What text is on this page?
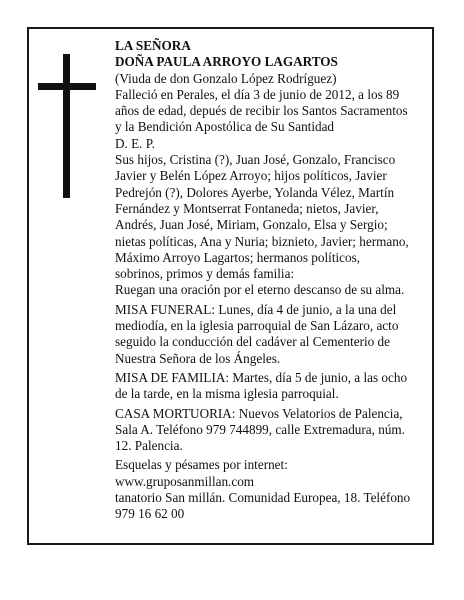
LA SEÑORA
DOÑA PAULA ARROYO LAGARTOS
(Viuda de don Gonzalo López Rodríguez)
Falleció en Perales, el día 3 de junio de 2012, a los 89
años de edad, depués de recibir los Santos Sacramentos
y la Bendición Apostólica de Su Santidad
D. E. P.
Sus hijos, Cristina (?), Juan José, Gonzalo, Francisco
Javier y Belén López Arroyo; hijos políticos, Javier
Pedrejón (?), Dolores Ayerbe, Yolanda Vélez, Martín
Fernández y Montserrat Fontaneda; nietos, Javier,
Andrés, Juan José, Miriam, Gonzalo, Elsa y Sergio;
nietas políticas, Ana y Nuria; biznieto, Javier; hermano,
Máximo Arroyo Lagartos; hermanos políticos,
sobrinos, primos y demás familia:
Ruegan una oración por el eterno descanso de su alma.
MISA FUNERAL: Lunes, día 4 de junio, a la una del
mediodía, en la iglesia parroquial de San Lázaro, acto
seguido la conducción del cadáver al Cementerio de
Nuestra Señora de los Ángeles.
MISA DE FAMILIA: Martes, día 5 de junio, a las ocho
de la tarde, en la misma iglesia parroquial.
CASA MORTUORIA: Nuevos Velatorios de Palencia,
Sala A. Teléfono 979 744899, calle Extremadura, núm.
12. Palencia.
Esquelas y pésames por internet:
www.gruposanmillan.com
tanatorio San millán. Comunidad Europea, 18. Teléfono
979 16 62 00
